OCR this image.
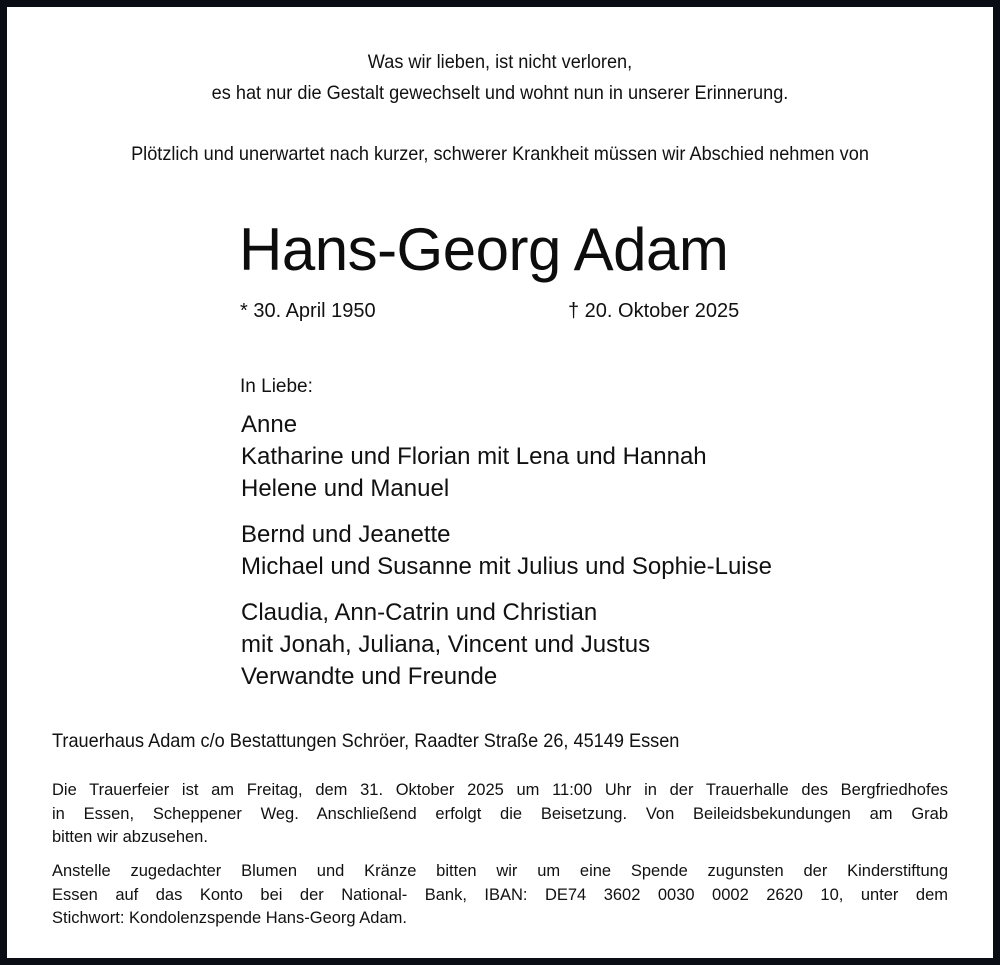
Was wir lieben, ist nicht verloren,
es hat nur die Gestalt gewechselt und wohnt nun in unserer Erinnerung.
Plötzlich und unerwartet nach kurzer, schwerer Krankheit müssen wir Abschied nehmen von
Hans-Georg Adam
* 30. April 1950	† 20. Oktober 2025
In Liebe:
Anne
Katharine und Florian mit Lena und Hannah
Helene und Manuel
Bernd und Jeanette
Michael und Susanne mit Julius und Sophie-Luise
Claudia, Ann-Catrin und Christian
mit Jonah, Juliana, Vincent und Justus
Verwandte und Freunde
Trauerhaus Adam c/o Bestattungen Schröer, Raadter Straße 26, 45149 Essen
Die Trauerfeier ist am Freitag, dem 31. Oktober 2025 um 11:00 Uhr in der Trauerhalle des Bergfriedhofes
in Essen, Scheppener Weg. Anschließend erfolgt die Beisetzung. Von Beileidsbekundungen am Grab
bitten wir abzusehen.
Anstelle zugedachter Blumen und Kränze bitten wir um eine Spende zugunsten der Kinderstiftung
Essen auf das Konto bei der National- Bank, IBAN: DE74 3602 0030 0002 2620 10, unter dem
Stichwort: Kondolenzspende Hans-Georg Adam.
